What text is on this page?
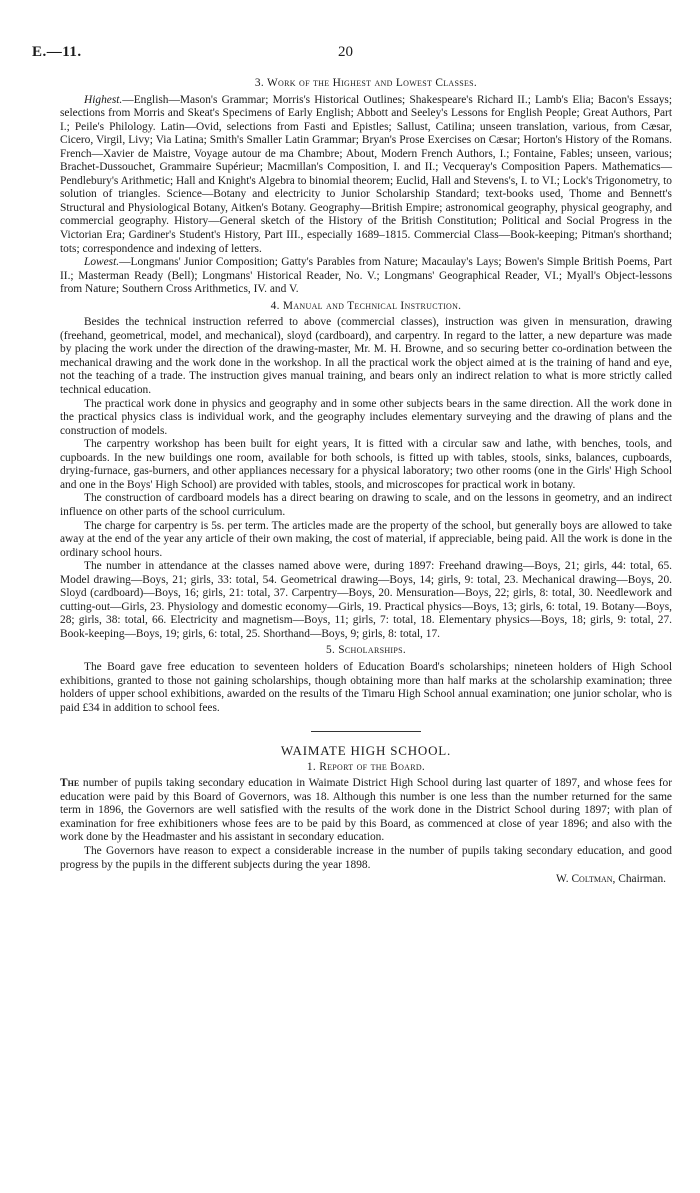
E.—11.	20
3. Work of the Highest and Lowest Classes.

Highest.—English—Mason's Grammar; Morris's Historical Outlines; Shakespeare's Richard II.; Lamb's Elia; Bacon's Essays; selections from Morris and Skeat's Specimens of Early English; Abbott and Seeley's Lessons for English People; Great Authors, Part I.; Peile's Philology. Latin—Ovid, selections from Fasti and Epistles; Sallust, Catilina; unseen translation, various, from Cæsar, Cicero, Virgil, Livy; Via Latina; Smith's Smaller Latin Grammar; Bryan's Prose Exercises on Cæsar; Horton's History of the Romans. French—Xavier de Maistre, Voyage autour de ma Chambre; About, Modern French Authors, I.; Fontaine, Fables; unseen, various; Brachet-Dussouchet, Grammaire Supérieur; Macmillan's Composition, I. and II.; Vecqueray's Composition Papers. Mathematics—Pendlebury's Arithmetic; Hall and Knight's Algebra to binomial theorem; Euclid, Hall and Stevens's, I. to VI.; Lock's Trigonometry, to solution of triangles. Science—Botany and electricity to Junior Scholarship Standard; text-books used, Thome and Bennett's Structural and Physiological Botany, Aitken's Botany. Geography—British Empire; astronomical geography, physical geography, and commercial geography. History—General sketch of the History of the British Constitution; Political and Social Progress in the Victorian Era; Gardiner's Student's History, Part III., especially 1689–1815. Commercial Class—Book-keeping; Pitman's shorthand; tots; correspondence and indexing of letters.

Lowest.—Longmans' Junior Composition; Gatty's Parables from Nature; Macaulay's Lays; Bowen's Simple British Poems, Part II.; Masterman Ready (Bell); Longmans' Historical Reader, No. V.; Longmans' Geographical Reader, VI.; Myall's Object-lessons from Nature; Southern Cross Arithmetics, IV. and V.

4. Manual and Technical Instruction.

Besides the technical instruction referred to above (commercial classes), instruction was given in mensuration, drawing (freehand, geometrical, model, and mechanical), sloyd (cardboard), and carpentry. In regard to the latter, a new departure was made by placing the work under the direction of the drawing-master, Mr. M. H. Browne, and so securing better co-ordination between the mechanical drawing and the work done in the workshop. In all the practical work the object aimed at is the training of hand and eye, not the teaching of a trade. The instruction gives manual training, and bears only an indirect relation to what is more strictly called technical education.

The practical work done in physics and geography and in some other subjects bears in the same direction. All the work done in the practical physics class is individual work, and the geography includes elementary surveying and the drawing of plans and the construction of models.

The carpentry workshop has been built for eight years, It is fitted with a circular saw and lathe, with benches, tools, and cupboards. In the new buildings one room, available for both schools, is fitted up with tables, stools, sinks, balances, cupboards, drying-furnace, gas-burners, and other appliances necessary for a physical laboratory; two other rooms (one in the Girls' High School and one in the Boys' High School) are provided with tables, stools, and microscopes for practical work in botany.

The construction of cardboard models has a direct bearing on drawing to scale, and on the lessons in geometry, and an indirect influence on other parts of the school curriculum.

The charge for carpentry is 5s. per term. The articles made are the property of the school, but generally boys are allowed to take away at the end of the year any article of their own making, the cost of material, if appreciable, being paid. All the work is done in the ordinary school hours.

The number in attendance at the classes named above were, during 1897: Freehand drawing—Boys, 21; girls, 44: total, 65. Model drawing—Boys, 21; girls, 33: total, 54. Geometrical drawing—Boys, 14; girls, 9: total, 23. Mechanical drawing—Boys, 20. Sloyd (cardboard)—Boys, 16; girls, 21: total, 37. Carpentry—Boys, 20. Mensuration—Boys, 22; girls, 8: total, 30. Needlework and cutting-out—Girls, 23. Physiology and domestic economy—Girls, 19. Practical physics—Boys, 13; girls, 6: total, 19. Botany—Boys, 28; girls, 38: total, 66. Electricity and magnetism—Boys, 11; girls, 7: total, 18. Elementary physics—Boys, 18; girls, 9: total, 27. Book-keeping—Boys, 19; girls, 6: total, 25. Shorthand—Boys, 9; girls, 8: total, 17.

5. Scholarships.

The Board gave free education to seventeen holders of Education Board's scholarships; nineteen holders of High School exhibitions, granted to those not gaining scholarships, though obtaining more than half marks at the scholarship examination; three holders of upper school exhibitions, awarded on the results of the Timaru High School annual examination; one junior scholar, who is paid £34 in addition to school fees.

WAIMATE HIGH SCHOOL.
1. Report of the Board.

The number of pupils taking secondary education in Waimate District High School during last quarter of 1897, and whose fees for education were paid by this Board of Governors, was 18. Although this number is one less than the number returned for the same term in 1896, the Governors are well satisfied with the results of the work done in the District School during 1897; with plan of examination for free exhibitioners whose fees are to be paid by this Board, as commenced at close of year 1896; and also with the work done by the Headmaster and his assistant in secondary education.

The Governors have reason to expect a considerable increase in the number of pupils taking secondary education, and good progress by the pupils in the different subjects during the year 1898.

W. Coltman, Chairman.
